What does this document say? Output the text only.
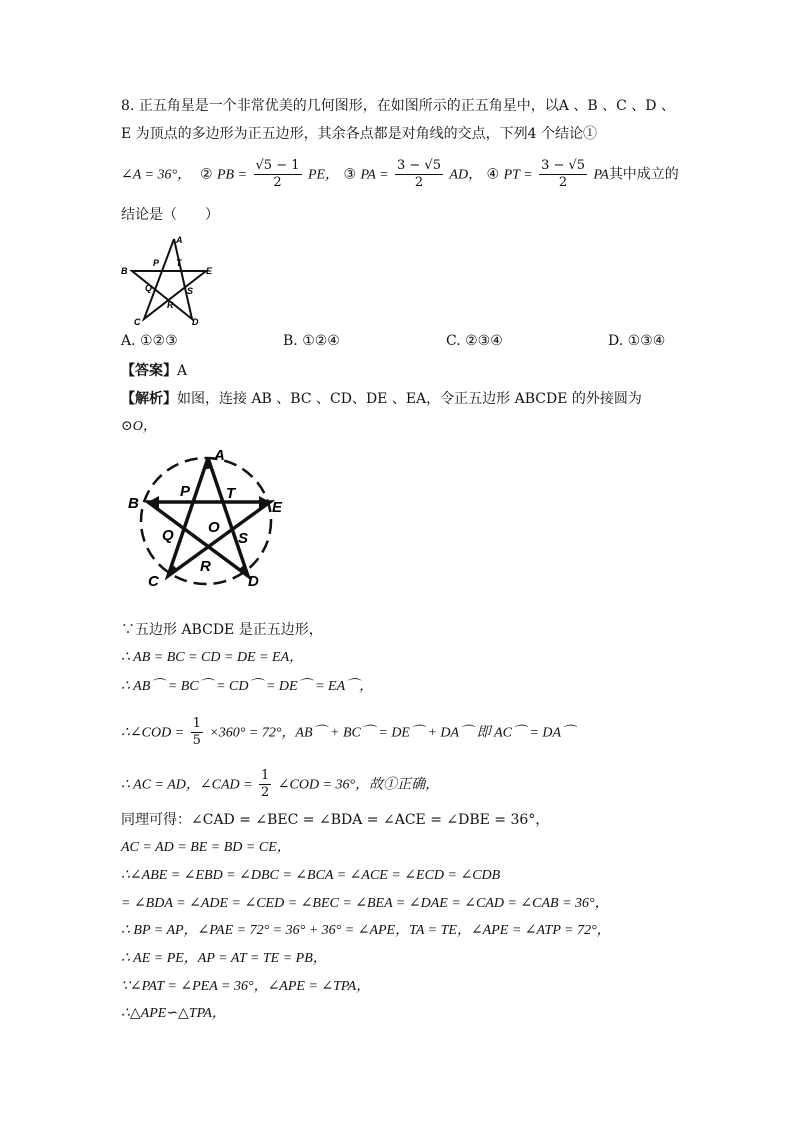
8. 正五角星是一个非常优美的几何图形，在如图所示的正五角星中，以A 、B 、C 、D 、
E 为顶点的多边形为正五边形，其余各点都是对角线的交点，下列4 个结论①
∠A = 36°， ② PB = $\frac{√5 - 1}{2}$ PE， ③ PA = $\frac{3 - √5}{2}$ AD， ④ PT = $\frac{3 - √5}{2}$ PA其中成立的
结论是（　　）
A
B	E
C	D
P T
Q	S
R
A. ①②③	B. ①②④	C. ②③④	D. ①③④
【答案】A
【解析】如图，连接 AB 、BC 、CD、DE 、EA，令正五边形 ABCDE 的外接圆为
⊙O，
A
B	E
C	D
P T
O
Q	S
R
∵五边形 ABCDE 是正五边形，
∴ AB = BC = CD = DE = EA，
∴ AB⌒ = BC⌒ = CD⌒ = DE⌒ = EA⌒，
∴∠COD = $\frac{1}{5} \times 360^\circ = 72^\circ$，AB⌒ + BC⌒ = DE⌒ + DA⌒ 即 AC⌒ = DA⌒
∴ AC = AD，∠CAD = $\frac{1}{2}$ ∠COD = 36°，故①正确，
同理可得：∠CAD = ∠BEC = ∠BDA = ∠ACE = ∠DBE = 36°，
AC = AD = BE = BD = CE，
∴∠ABE = ∠EBD = ∠DBC = ∠BCA = ∠ACE = ∠ECD = ∠CDB
= ∠BDA = ∠ADE = ∠CED = ∠BEC = ∠BEA = ∠DAE = ∠CAD = ∠CAB = 36°，
∴ BP = AP，∠PAE = 72° = 36° + 36° = ∠APE，TA = TE，∠APE = ∠ATP = 72°，
∴ AE = PE，AP = AT = TE = PB，
∵∠PAT = ∠PEA = 36°，∠APE = ∠TPA，
∴△APE∽△TPA，
